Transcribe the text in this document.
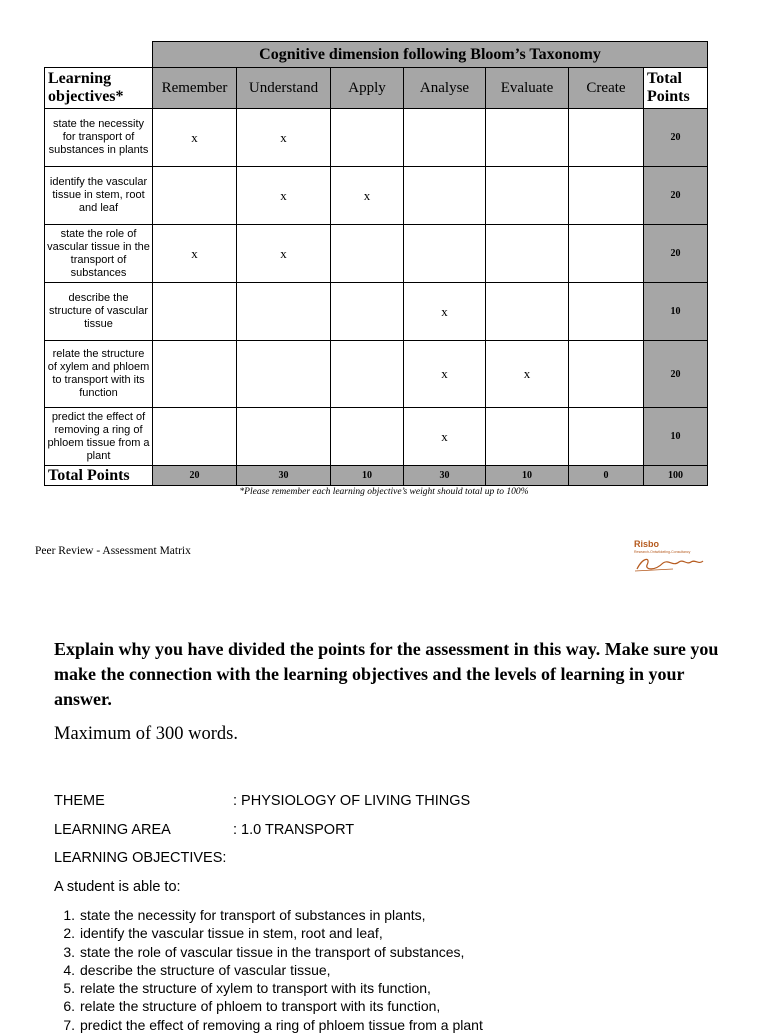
	Cognitive dimension following Bloom’s Taxonomy						
Learning objectives*	Remember	Understand	Apply	Analyse	Evaluate	Create	Total Points
state the necessity for transport of substances in plants	x	x					20
identify the vascular tissue in stem, root and leaf		x	x				20
state the role of vascular tissue in the transport of substances	x	x					20
describe the structure of vascular tissue				x			10
relate the structure of xylem and phloem to transport with its function				x	x		20
predict the effect of removing a ring of phloem tissue from a plant				x			10
Total Points	20	30	10	30	10	0	100
*Please remember each learning objective’s weight should total up to 100%
Peer Review - Assessment Matrix
Risbo
Research-Ontwikkeling-Consultancy
Explain why you have divided the points for the assessment in this way. Make sure you make the connection with the learning objectives and the levels of learning in your answer.
Maximum of 300 words.
THEME	: PHYSIOLOGY OF LIVING THINGS
LEARNING AREA	: 1.0 TRANSPORT
LEARNING OBJECTIVES:
A student is able to:
1. state the necessity for transport of substances in plants,
2. identify the vascular tissue in stem, root and leaf,
3. state the role of vascular tissue in the transport of substances,
4. describe the structure of vascular tissue,
5. relate the structure of xylem to transport with its function,
6. relate the structure of phloem to transport with its function,
7. predict the effect of removing a ring of phloem tissue from a plant
